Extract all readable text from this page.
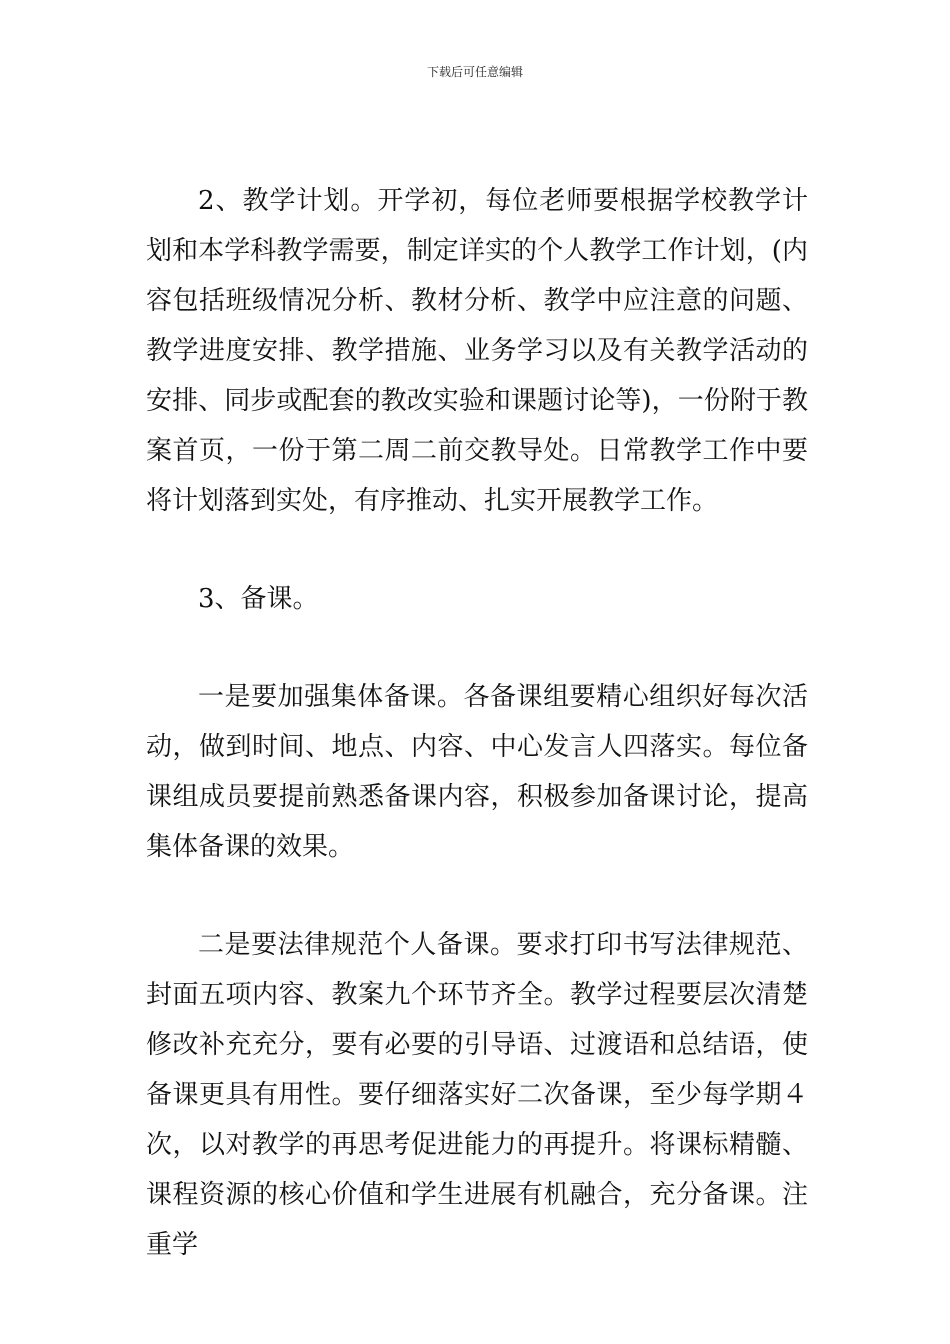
下载后可任意编辑

2、教学计划。开学初，每位老师要根据学校教学计划和本学科教学需要，制定详实的个人教学工作计划，(内容包括班级情况分析、教材分析、教学中应注意的问题、教学进度安排、教学措施、业务学习以及有关教学活动的安排、同步或配套的教改实验和课题讨论等)，一份附于教案首页，一份于第二周二前交教导处。日常教学工作中要将计划落到实处，有序推动、扎实开展教学工作。

3、备课。

一是要加强集体备课。各备课组要精心组织好每次活动，做到时间、地点、内容、中心发言人四落实。每位备课组成员要提前熟悉备课内容，积极参加备课讨论，提高集体备课的效果。

二是要法律规范个人备课。要求打印书写法律规范、封面五项内容、教案九个环节齐全。教学过程要层次清楚修改补充充分，要有必要的引导语、过渡语和总结语，使备课更具有用性。要仔细落实好二次备课，至少每学期４次，以对教学的再思考促进能力的再提升。将课标精髓、课程资源的核心价值和学生进展有机融合，充分备课。注重学
